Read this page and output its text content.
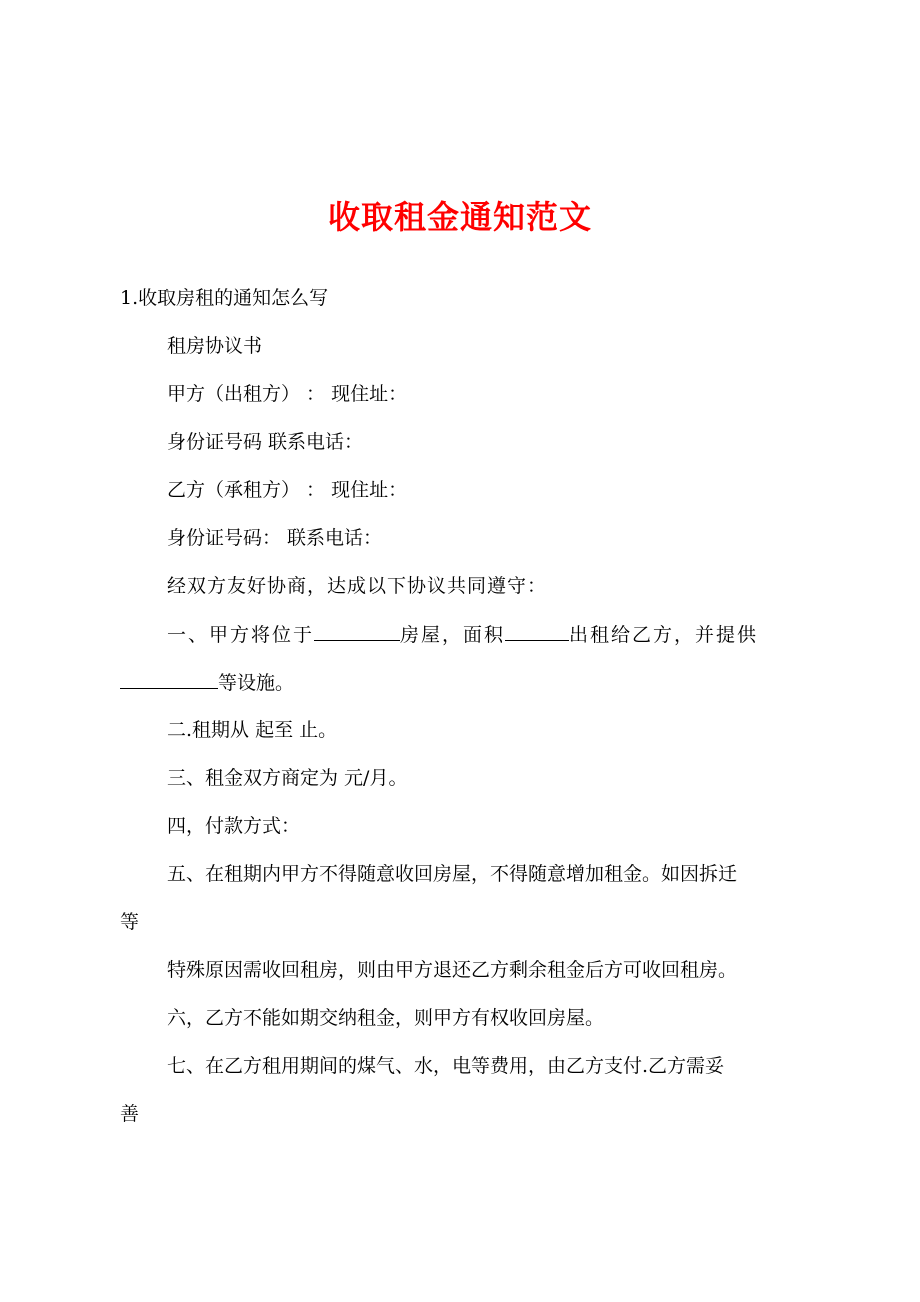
收取租金通知范文
1.收取房租的通知怎么写
租房协议书
甲方（出租方） ： 现住址：
身份证号码 联系电话：
乙方（承租方） ： 现住址：
身份证号码： 联系电话：
经双方友好协商，达成以下协议共同遵守：
一、甲方将位于	房屋，面积	出租给乙方，并提供
等设施。
二.租期从 起至 止。
三、租金双方商定为 元/月。
四，付款方式：
五、在租期内甲方不得随意收回房屋，不得随意增加租金。如因拆迁
等
特殊原因需收回租房，则由甲方退还乙方剩余租金后方可收回租房。
六，乙方不能如期交纳租金，则甲方有权收回房屋。
七、在乙方租用期间的煤气、水，电等费用，由乙方支付.乙方需妥
善
